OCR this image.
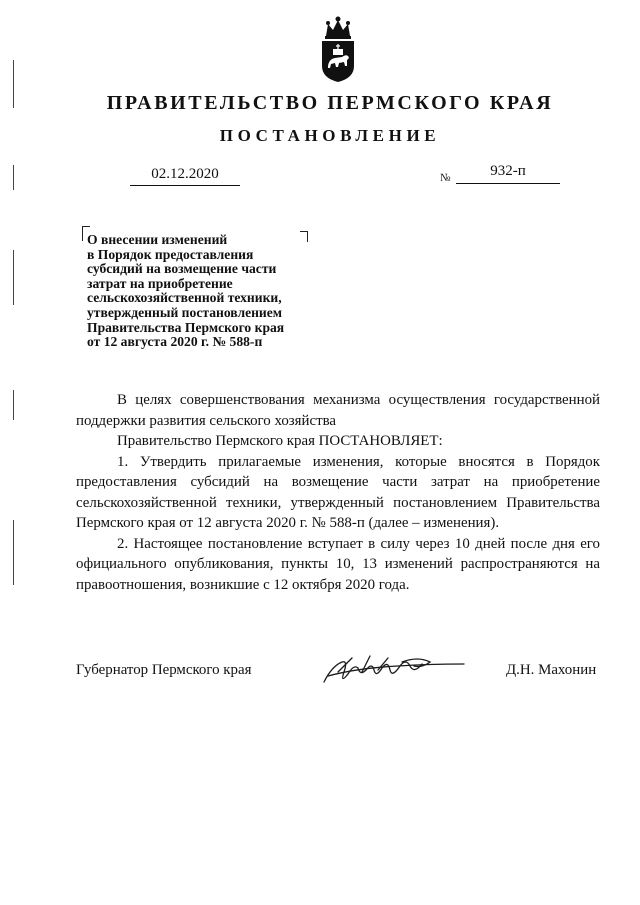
ПРАВИТЕЛЬСТВО ПЕРМСКОГО КРАЯ
ПОСТАНОВЛЕНИЕ
02.12.2020	№	932-п
О внесении изменений
в Порядок предоставления
субсидий на возмещение части
затрат на приобретение
сельскохозяйственной техники,
утвержденный постановлением
Правительства Пермского края
от 12 августа 2020 г. № 588-п

В целях совершенствования механизма осуществления государственной поддержки развития сельского хозяйства

Правительство Пермского края ПОСТАНОВЛЯЕТ:

1. Утвердить прилагаемые изменения, которые вносятся в Порядок предоставления субсидий на возмещение части затрат на приобретение сельскохозяйственной техники, утвержденный постановлением Правительства Пермского края от 12 августа 2020 г. № 588-п (далее – изменения).

2. Настоящее постановление вступает в силу через 10 дней после дня его официального опубликования, пункты 10, 13 изменений распространяются на правоотношения, возникшие с 12 октября 2020 года.

Губернатор Пермского края	Д.Н. Махонин
